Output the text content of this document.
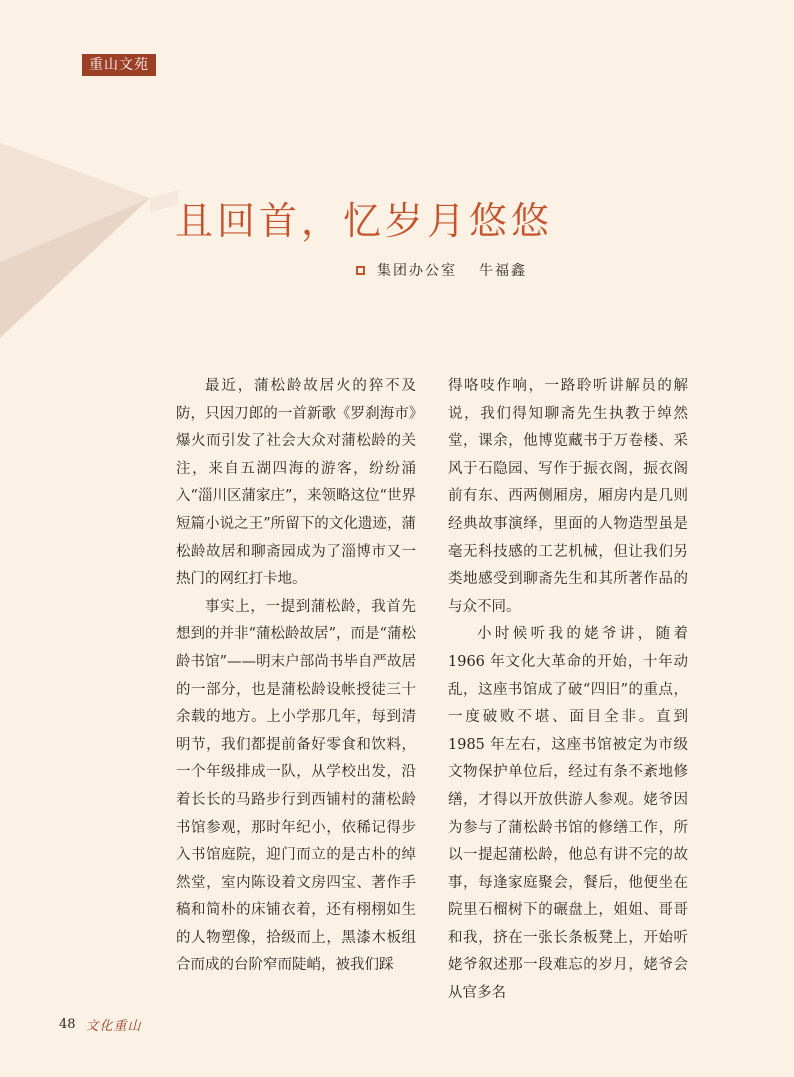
重山文苑
且回首，忆岁月悠悠
集团办公室 牛福鑫

最近，蒲松龄故居火的猝不及防，只因刀郎的一首新歌《罗刹海市》爆火而引发了社会大众对蒲松龄的关注，来自五湖四海的游客，纷纷涌入“淄川区蒲家庄”，来领略这位“世界短篇小说之王”所留下的文化遗迹，蒲松龄故居和聊斋园成为了淄博市又一热门的网红打卡地。

事实上，一提到蒲松龄，我首先想到的并非“蒲松龄故居”，而是“蒲松龄书馆”——明末户部尚书毕自严故居的一部分，也是蒲松龄设帐授徒三十余载的地方。上小学那几年，每到清明节，我们都提前备好零食和饮料，一个年级排成一队，从学校出发，沿着长长的马路步行到西铺村的蒲松龄书馆参观，那时年纪小，依稀记得步入书馆庭院，迎门而立的是古朴的绰然堂，室内陈设着文房四宝、著作手稿和简朴的床铺衣着，还有栩栩如生的人物塑像，拾级而上，黑漆木板组合而成的台阶窄而陡峭，被我们踩

得咯吱作响，一路聆听讲解员的解说，我们得知聊斋先生执教于绰然堂，课余，他博览藏书于万卷楼、采风于石隐园、写作于振衣阁，振衣阁前有东、西两侧厢房，厢房内是几则经典故事演绎，里面的人物造型虽是毫无科技感的工艺机械，但让我们另类地感受到聊斋先生和其所著作品的与众不同。

小时候听我的姥爷讲，随着 1966 年文化大革命的开始，十年动乱，这座书馆成了破“四旧”的重点，一度破败不堪、面目全非。直到 1985 年左右，这座书馆被定为市级文物保护单位后，经过有条不紊地修缮，才得以开放供游人参观。姥爷因为参与了蒲松龄书馆的修缮工作，所以一提起蒲松龄，他总有讲不完的故事，每逢家庭聚会，餐后，他便坐在院里石榴树下的碾盘上，姐姐、哥哥和我，挤在一张长条板凳上，开始听姥爷叙述那一段难忘的岁月，姥爷会从官多名

48 文化重山
